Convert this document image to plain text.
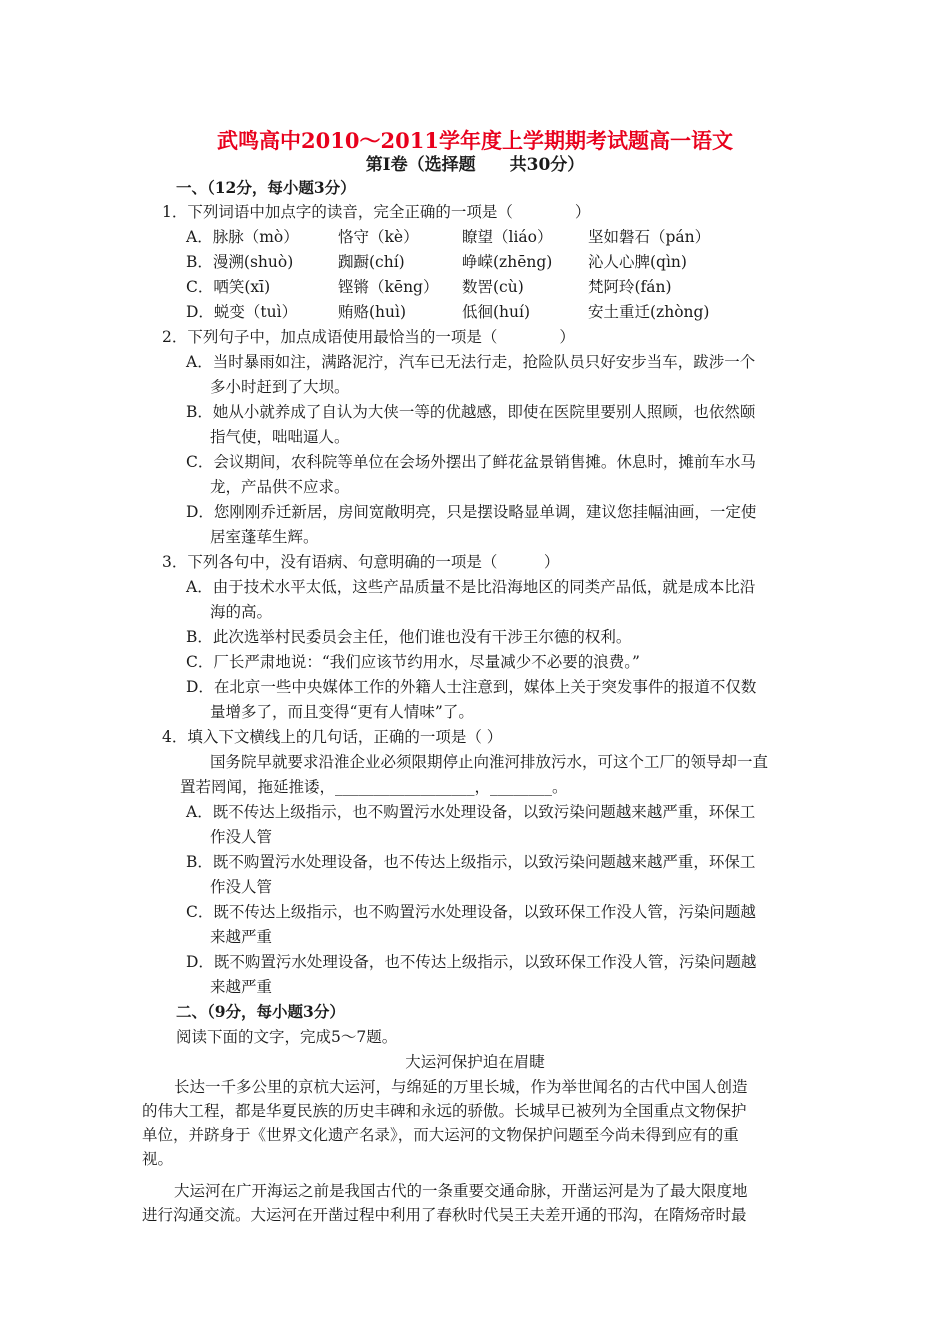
武鸣高中2010～2011学年度上学期期考试题高一语文
第Ⅰ卷（选择题　　共30分）
一、（12分，每小题3分）
1．下列词语中加点字的读音，完全正确的一项是（　　　　）
A．脉脉（mò）	恪守（kè）	瞭望（liáo） 坚如磐石（pán）
B．漫溯(shuò)	踟蹰(chí)	峥嵘(zhēng) 沁人心脾(qìn)
C．哂笑(xī)	铿锵（kēng） 数罟(cù)	梵阿玲(fán)
D．蜕变（tuì）	贿赂(huì)	低徊(huí)	安土重迁(zhòng)
2．下列句子中，加点成语使用最恰当的一项是（　　　　）
A．当时暴雨如注，满路泥泞，汽车已无法行走，抢险队员只好安步当车，跋涉一个
多小时赶到了大坝。
B．她从小就养成了自认为大侠一等的优越感，即使在医院里要别人照顾，也依然颐
指气使，咄咄逼人。
C．会议期间，农科院等单位在会场外摆出了鲜花盆景销售摊。休息时，摊前车水马
龙，产品供不应求。
D．您刚刚乔迁新居，房间宽敞明亮，只是摆设略显单调，建议您挂幅油画，一定使
居室蓬荜生辉。
3．下列各句中，没有语病、句意明确的一项是（　　　）
A．由于技术水平太低，这些产品质量不是比沿海地区的同类产品低，就是成本比沿
海的高。
B．此次选举村民委员会主任，他们谁也没有干涉王尔德的权利。
C．厂长严肃地说：“我们应该节约用水，尽量减少不必要的浪费。”
D．在北京一些中央媒体工作的外籍人士注意到，媒体上关于突发事件的报道不仅数
量增多了，而且变得“更有人情味”了。
4．填入下文横线上的几句话，正确的一项是（ ）
国务院早就要求沿淮企业必须限期停止向淮河排放污水，可这个工厂的领导却一直
置若罔闻，拖延推诿，__________________，________。
A．既不传达上级指示，也不购置污水处理设备，以致污染问题越来越严重，环保工
作没人管
B．既不购置污水处理设备，也不传达上级指示，以致污染问题越来越严重，环保工
作没人管
C．既不传达上级指示，也不购置污水处理设备，以致环保工作没人管，污染问题越
来越严重
D．既不购置污水处理设备，也不传达上级指示，以致环保工作没人管，污染问题越
来越严重
二、（9分，每小题3分）
阅读下面的文字，完成5～7题。
大运河保护迫在眉睫
长达一千多公里的京杭大运河，与绵延的万里长城，作为举世闻名的古代中国人创造
的伟大工程，都是华夏民族的历史丰碑和永远的骄傲。长城早已被列为全国重点文物保护
单位，并跻身于《世界文化遗产名录》，而大运河的文物保护问题至今尚未得到应有的重
视。
大运河在广开海运之前是我国古代的一条重要交通命脉，开凿运河是为了最大限度地
进行沟通交流。大运河在开凿过程中利用了春秋时代吴王夫差开通的邗沟，在隋炀帝时最
